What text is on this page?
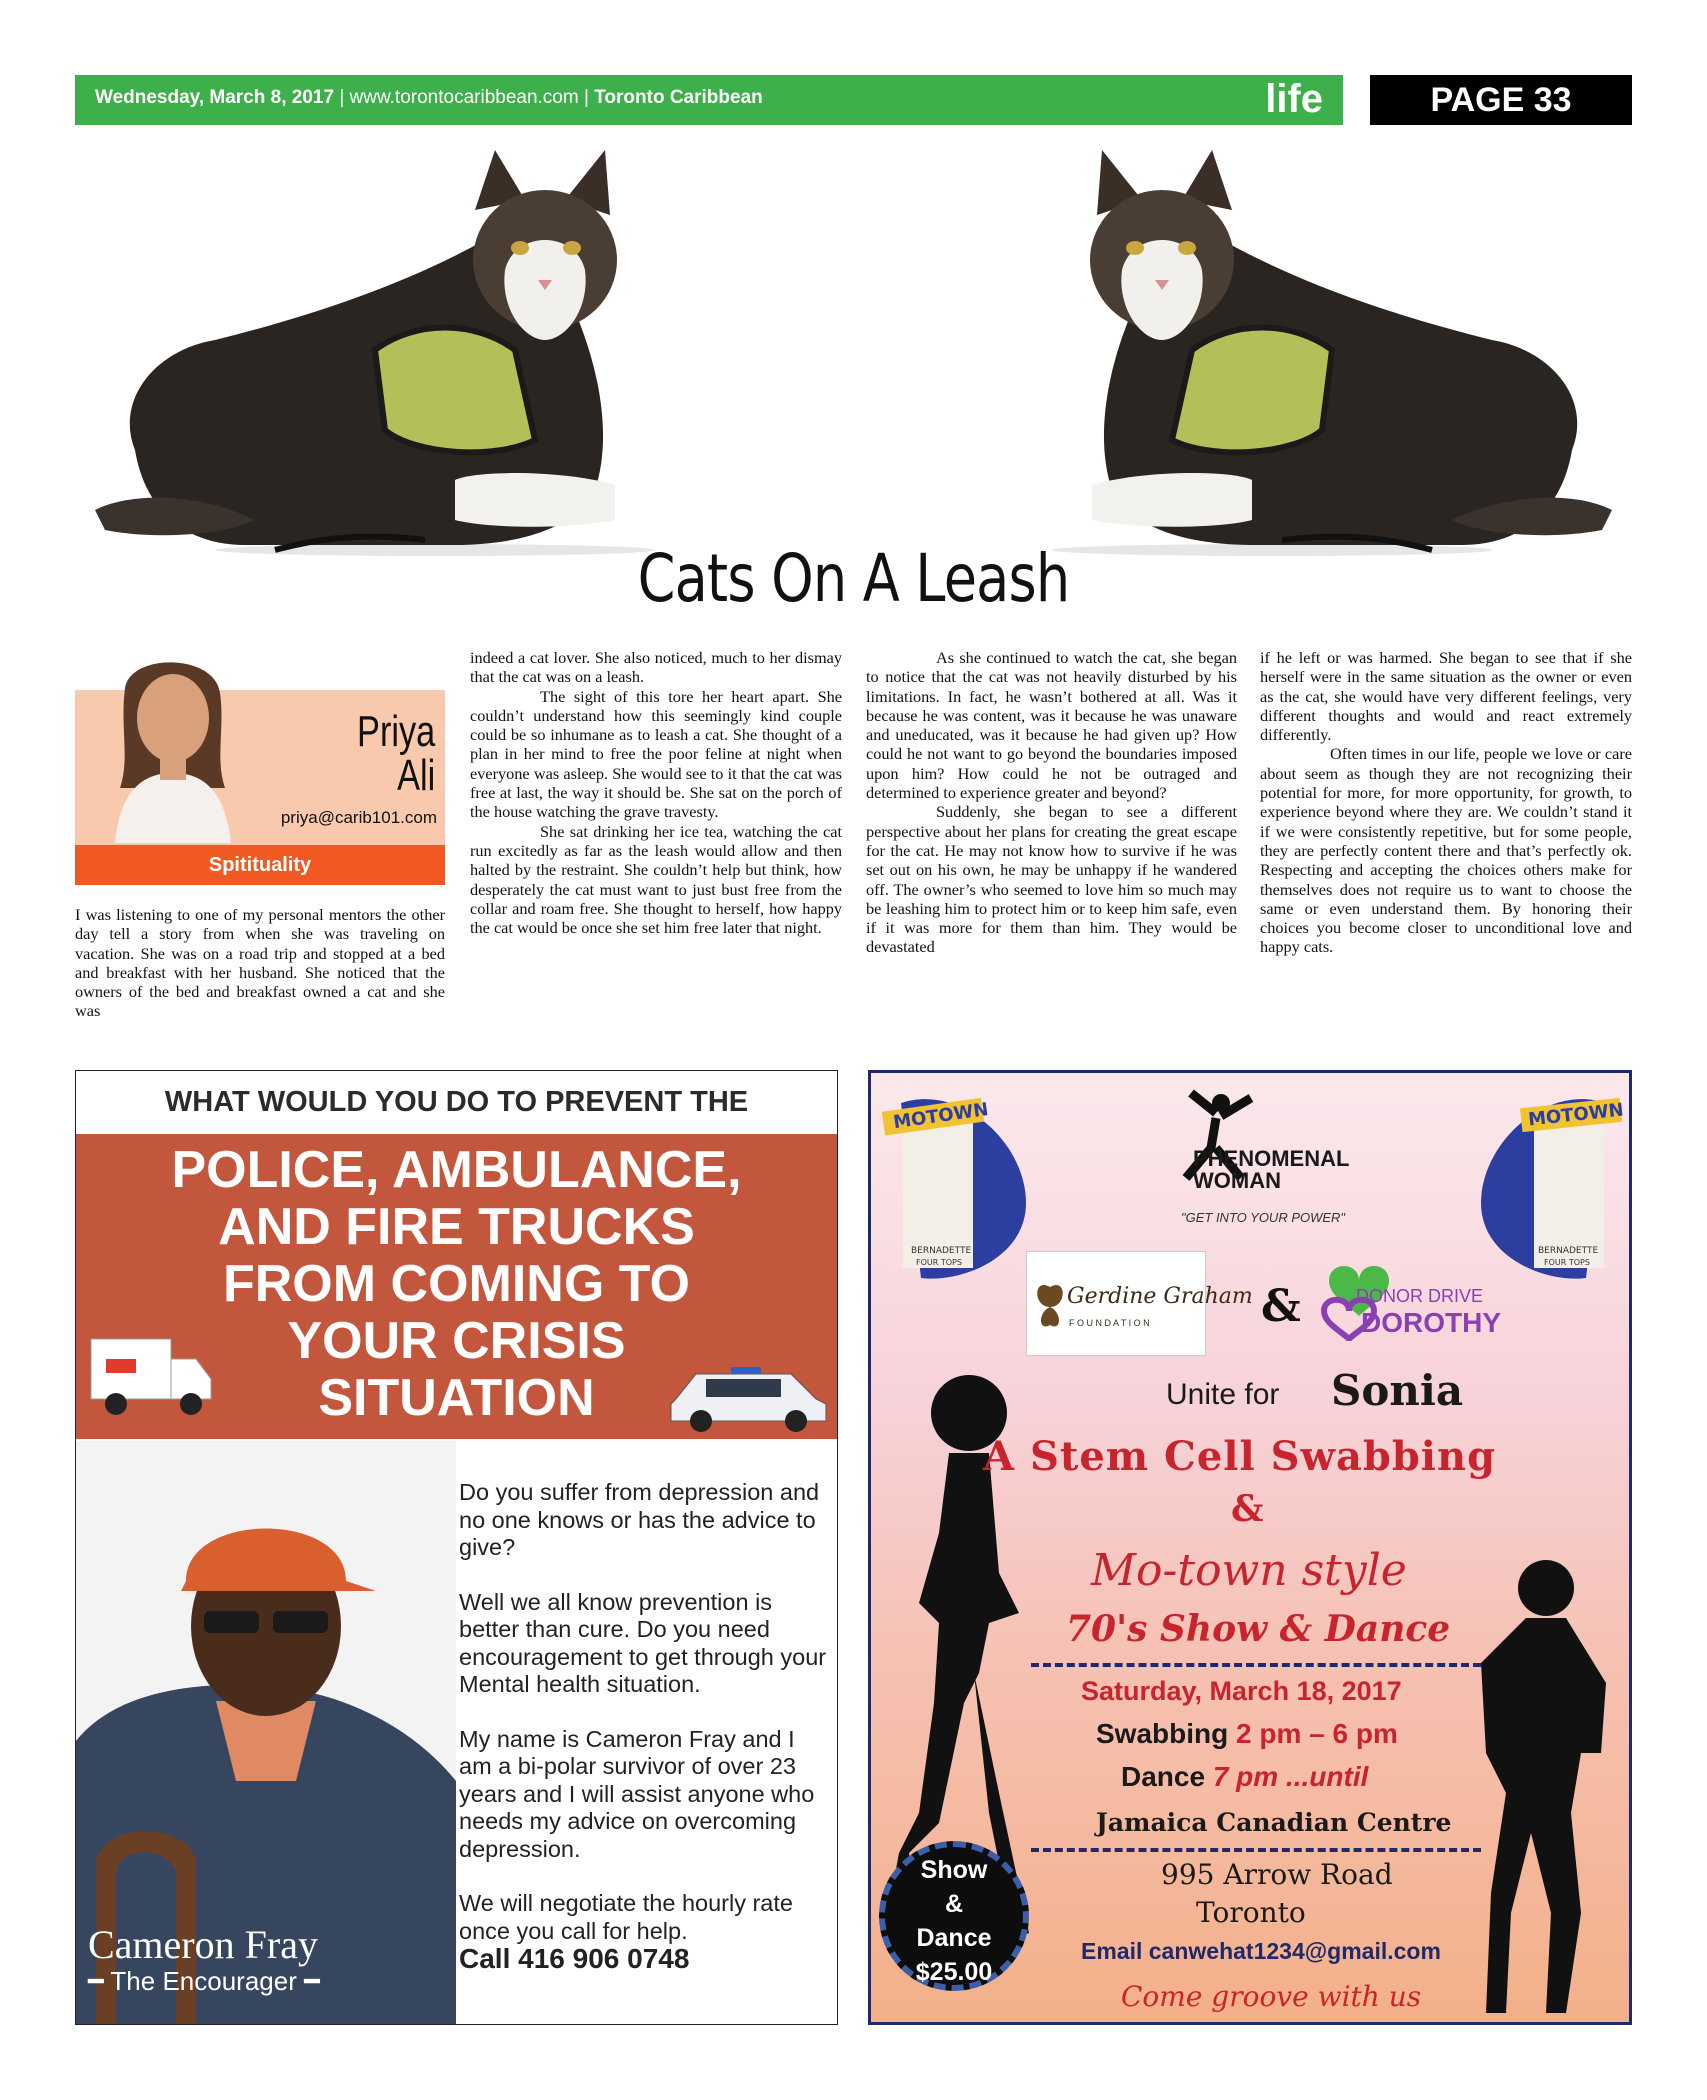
Wednesday, March 8, 2017 | www.torontocaribbean.com | Toronto Caribbean	life	PAGE 33
Cats On A Leash
Priya
Ali
priya@carib101.com
Spitituality

I was listening to one of my personal mentors the other day tell a story from when she was traveling on vacation. She was on a road trip and stopped at a bed and breakfast with her husband. She noticed that the owners of the bed and breakfast owned a cat and she was

indeed a cat lover. She also noticed, much to her dismay that the cat was on a leash.

The sight of this tore her heart apart. She couldn’t understand how this seemingly kind couple could be so inhumane as to leash a cat. She thought of a plan in her mind to free the poor feline at night when everyone was asleep. She would see to it that the cat was free at last, the way it should be. She sat on the porch of the house watching the grave travesty.

She sat drinking her ice tea, watching the cat run excitedly as far as the leash would allow and then halted by the restraint. She couldn’t help but think, how desperately the cat must want to just bust free from the collar and roam free. She thought to herself, how happy the cat would be once she set him free later that night.

As she continued to watch the cat, she began to notice that the cat was not heavily disturbed by his limitations. In fact, he wasn’t bothered at all. Was it because he was content, was it because he was unaware and uneducated, was it because he had given up? How could he not want to go beyond the boundaries imposed upon him? How could he not be outraged and determined to experience greater and beyond?

Suddenly, she began to see a different perspective about her plans for creating the great escape for the cat. He may not know how to survive if he was set out on his own, he may be unhappy if he wandered off. The owner’s who seemed to love him so much may be leashing him to protect him or to keep him safe, even if it was more for them than him. They would be devastated

if he left or was harmed. She began to see that if she herself were in the same situation as the owner or even as the cat, she would have very different feelings, very different thoughts and would and react extremely differently.

Often times in our life, people we love or care about seem as though they are not recognizing their potential for more, for more opportunity, for growth, to experience beyond where they are. We couldn’t stand it if we were consistently repetitive, but for some people, they are perfectly content there and that’s perfectly ok. Respecting and accepting the choices others make for themselves does not require us to want to choose the same or even understand them. By honoring their choices you become closer to unconditional love and happy cats.

WHAT WOULD YOU DO TO PREVENT THE
POLICE, AMBULANCE,
AND FIRE TRUCKS
FROM COMING TO
YOUR CRISIS
SITUATION
Cameron Fray
━ The Encourager ━

Do you suffer from depression and no one knows or has the advice to give?

Well we all know prevention is better than cure. Do you need encouragement to get through your Mental health situation.

My name is Cameron Fray and I am a bi-polar survivor of over 23 years and I will assist anyone who needs my advice on overcoming depression.

We will negotiate the hourly rate once you call for help.

Call 416 906 0748
BERNADETTE
FOUR TOPS
MOTOWN
BERNADETTE
FOUR TOPS
MOTOWN
PHENOMENAL
WOMAN
"GET INTO YOUR POWER"
Gerdine Graham
F O U N D A T I O N	&	DONOR DRIVE
DOROTHY
Unite for Sonia
A Stem Cell Swabbing
&
Mo-town style
70's Show & Dance
Saturday, March 18, 2017
Swabbing 2 pm – 6 pm
Dance 7 pm ...until
Jamaica Canadian Centre
995 Arrow Road
Toronto
Email canwehat1234@gmail.com
Come groove with us
Show
&
Dance
$25.00
